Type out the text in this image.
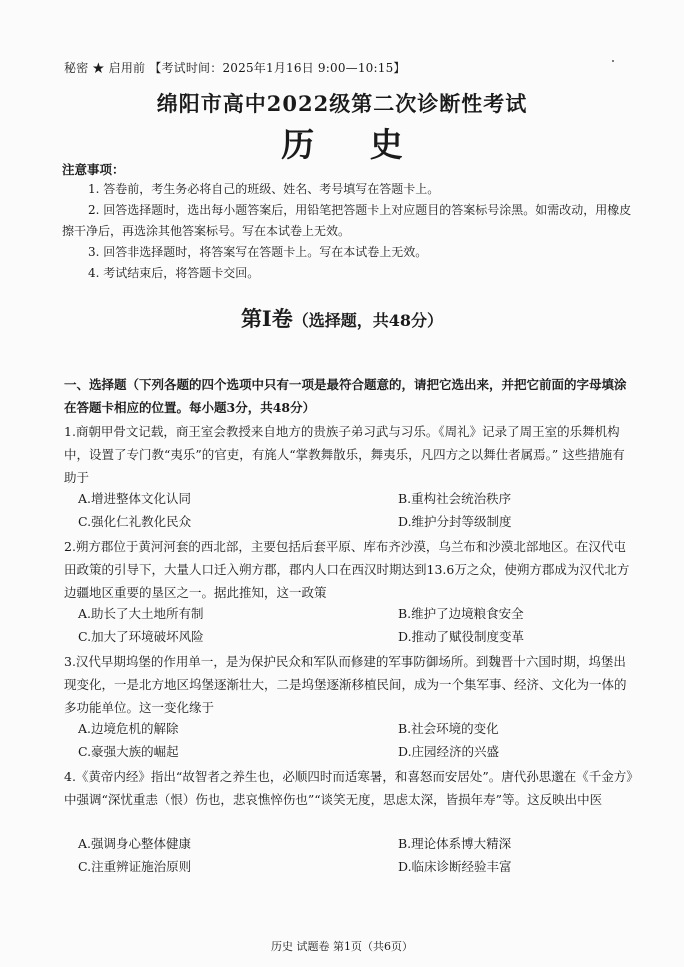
秘密 ★ 启用前 【考试时间：2025年1月16日 9:00—10:15】
绵阳市高中2022级第二次诊断性考试
历 史
注意事项：
1. 答卷前，考生务必将自己的班级、姓名、考号填写在答题卡上。
2. 回答选择题时，选出每小题答案后，用铅笔把答题卡上对应题目的答案标号涂黑。如需改动，用橡皮擦干净后，再选涂其他答案标号。写在本试卷上无效。
3. 回答非选择题时，将答案写在答题卡上。写在本试卷上无效。
4. 考试结束后，将答题卡交回。
第Ⅰ卷（选择题，共48分）
一、选择题（下列各题的四个选项中只有一项是最符合题意的，请把它选出来，并把它前面的字母填涂在答题卡相应的位置。每小题3分，共48分）
1.商朝甲骨文记载，商王室会教授来自地方的贵族子弟习武与习乐。《周礼》记录了周王室的乐舞机构中，设置了专门教“夷乐”的官吏，有旄人“掌教舞散乐，舞夷乐，凡四方之以舞仕者属焉。” 这些措施有助于
A.增进整体文化认同	B.重构社会统治秩序
C.强化仁礼教化民众	D.维护分封等级制度
2.朔方郡位于黄河河套的西北部，主要包括后套平原、库布齐沙漠，乌兰布和沙漠北部地区。在汉代屯田政策的引导下，大量人口迁入朔方郡，郡内人口在西汉时期达到13.6万之众，使朔方郡成为汉代北方边疆地区重要的垦区之一。据此推知，这一政策
A.助长了大土地所有制	B.维护了边境粮食安全
C.加大了环境破坏风险	D.推动了赋役制度变革
3.汉代早期坞堡的作用单一，是为保护民众和军队而修建的军事防御场所。到魏晋十六国时期，坞堡出现变化，一是北方地区坞堡逐渐壮大，二是坞堡逐渐移植民间，成为一个集军事、经济、文化为一体的多功能单位。这一变化缘于
A.边境危机的解除	B.社会环境的变化
C.豪强大族的崛起	D.庄园经济的兴盛
4.《黄帝内经》指出“故智者之养生也，必顺四时而适寒暑，和喜怒而安居处”。唐代孙思邈在《千金方》中强调“深忧重恚（恨）伤也，悲哀憔悴伤也”“谈笑无度，思虑太深，皆损年寿”等。这反映出中医
A.强调身心整体健康	B.理论体系博大精深
C.注重辨证施治原则	D.临床诊断经验丰富
历史 试题卷 第1页（共6页）
